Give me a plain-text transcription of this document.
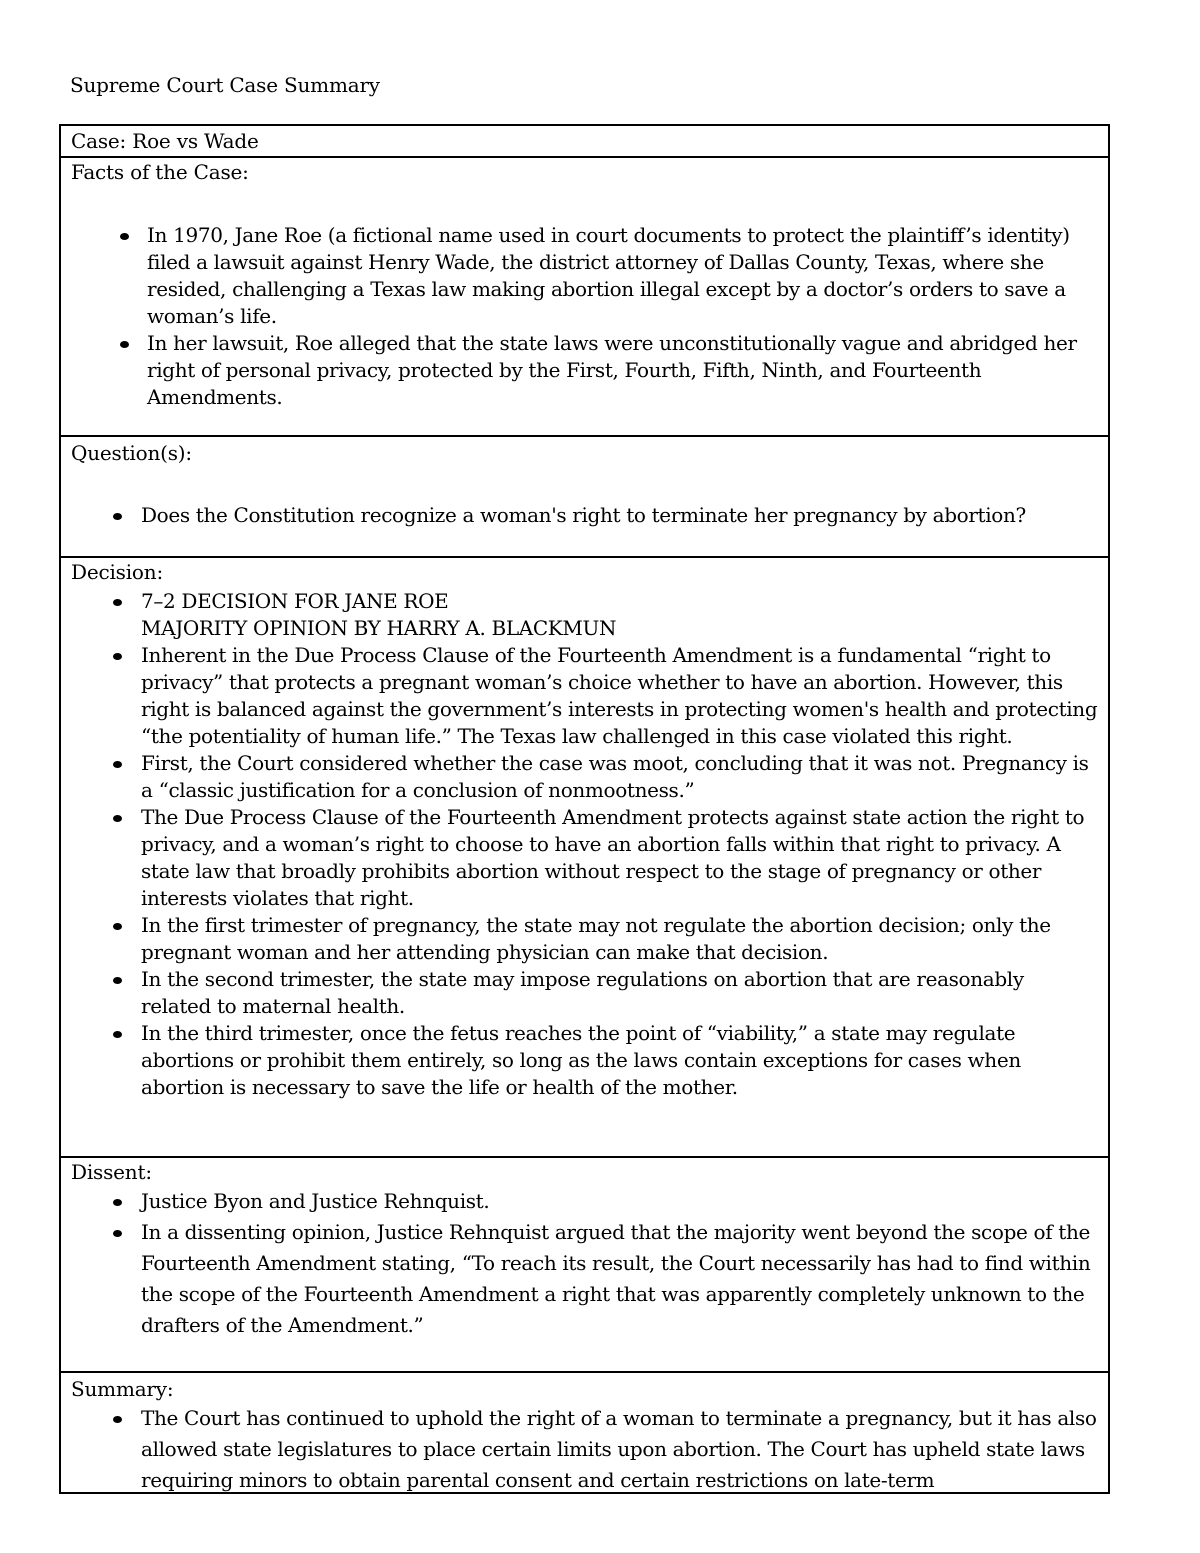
Supreme Court Case Summary
Case: Roe vs Wade
Facts of the Case:
In 1970, Jane Roe (a fictional name used in court documents to protect the plaintiff’s identity) filed a lawsuit against Henry Wade, the district attorney of Dallas County, Texas, where she resided, challenging a Texas law making abortion illegal except by a doctor’s orders to save a woman’s life.
In her lawsuit, Roe alleged that the state laws were unconstitutionally vague and abridged her right of personal privacy, protected by the First, Fourth, Fifth, Ninth, and Fourteenth Amendments.
Question(s):
Does the Constitution recognize a woman's right to terminate her pregnancy by abortion?
Decision:
7–2 DECISION FOR JANE ROE
MAJORITY OPINION BY HARRY A. BLACKMUN
Inherent in the Due Process Clause of the Fourteenth Amendment is a fundamental “right to privacy” that protects a pregnant woman’s choice whether to have an abortion. However, this right is balanced against the government’s interests in protecting women's health and protecting “the potentiality of human life.” The Texas law challenged in this case violated this right.
First, the Court considered whether the case was moot, concluding that it was not. Pregnancy is a “classic justification for a conclusion of nonmootness.”
The Due Process Clause of the Fourteenth Amendment protects against state action the right to privacy, and a woman’s right to choose to have an abortion falls within that right to privacy. A state law that broadly prohibits abortion without respect to the stage of pregnancy or other interests violates that right.
In the first trimester of pregnancy, the state may not regulate the abortion decision; only the pregnant woman and her attending physician can make that decision.
In the second trimester, the state may impose regulations on abortion that are reasonably related to maternal health.
In the third trimester, once the fetus reaches the point of “viability,” a state may regulate abortions or prohibit them entirely, so long as the laws contain exceptions for cases when abortion is necessary to save the life or health of the mother.
Dissent:
Justice Byon and Justice Rehnquist.
In a dissenting opinion, Justice Rehnquist argued that the majority went beyond the scope of the Fourteenth Amendment stating, “To reach its result, the Court necessarily has had to find within the scope of the Fourteenth Amendment a right that was apparently completely unknown to the drafters of the Amendment.”
Summary:
The Court has continued to uphold the right of a woman to terminate a pregnancy, but it has also allowed state legislatures to place certain limits upon abortion. The Court has upheld state laws requiring minors to obtain parental consent and certain restrictions on late-term
